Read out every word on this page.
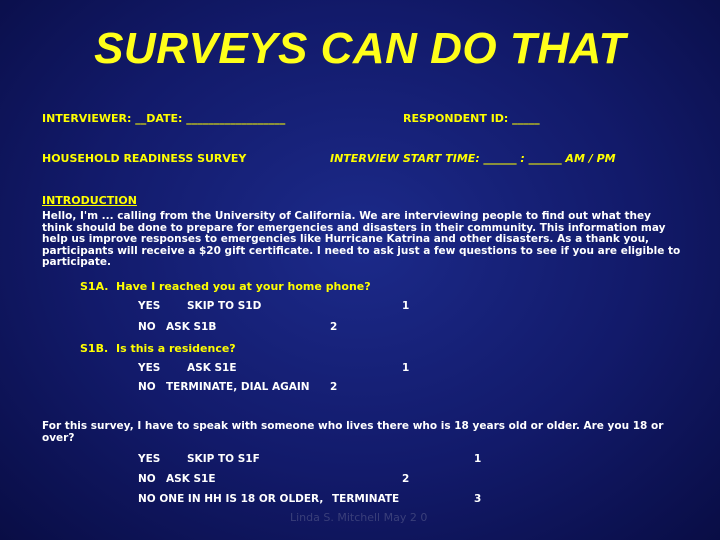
SURVEYS CAN DO THAT
INTERVIEWER: __DATE: __________________	RESPONDENT ID: _____
HOUSEHOLD READINESS SURVEY	INTERVIEW START TIME: ______ : ______ AM / PM
INTRODUCTION
Hello, I'm ... calling from the University of California. We are interviewing people to find out what they think should be done to prepare for emergencies and disasters in their community. This information may help us improve responses to emergencies like Hurricane Katrina and other disasters. As a thank you, participants will receive a $20 gift certificate. I need to ask just a few questions to see if you are eligible to participate.
S1A. Have I reached you at your home phone?
YES	SKIP TO S1D	1
NO ASK S1B	2
S1B. Is this a residence?
YES	ASK S1E	1
NO TERMINATE, DIAL AGAIN 2
For this survey, I have to speak with someone who lives there who is 18 years old or older. Are you 18 or over?
YES	SKIP TO S1F	1
NO ASK S1E	2
NO ONE IN HH IS 18 OR OLDER, TERMINATE	3
Linda S. Mitchell May 2 0
